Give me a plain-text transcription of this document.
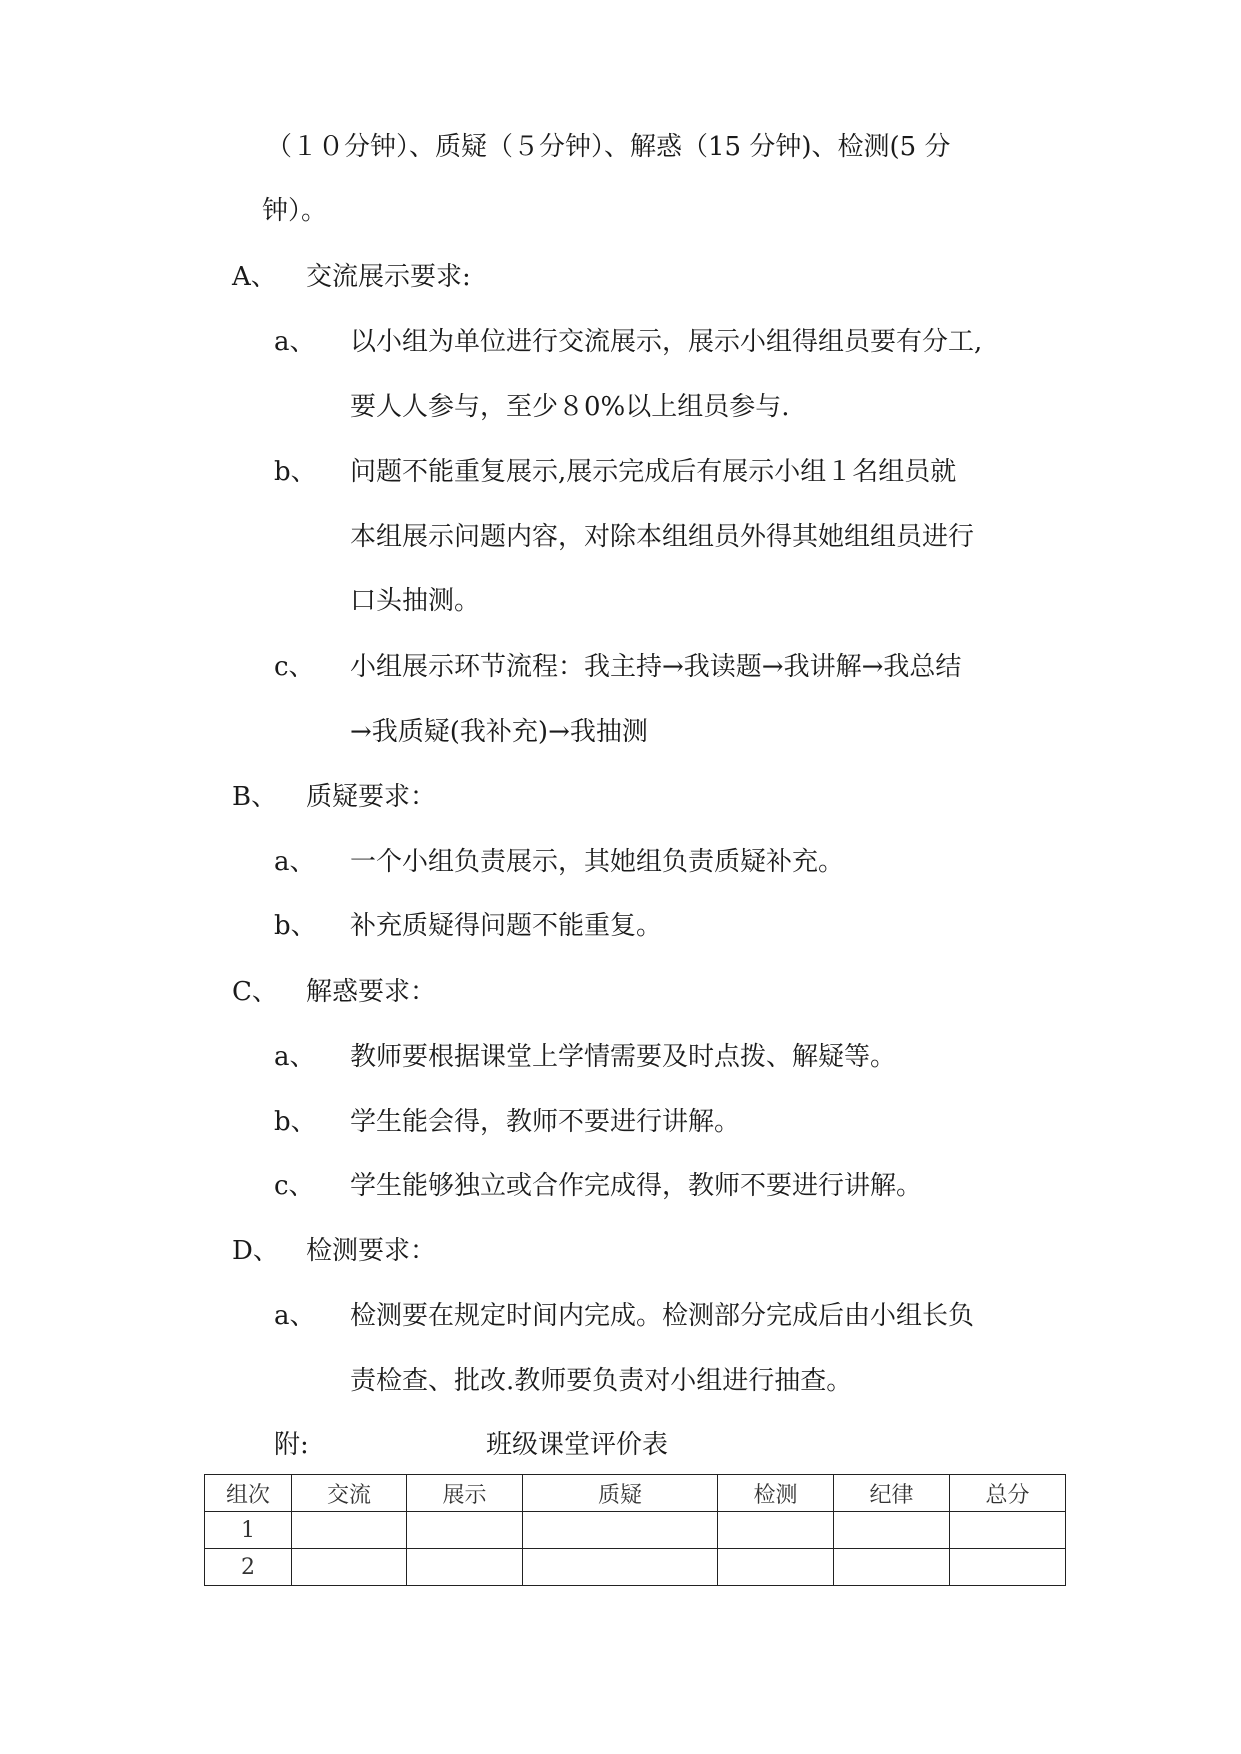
（１０分钟）、质疑（５分钟）、解惑（15 分钟)、检测(5 分
钟）。
A、 交流展示要求:
a、 以小组为单位进行交流展示，展示小组得组员要有分工,
要人人参与，至少８0%以上组员参与.
b、 问题不能重复展示,展示完成后有展示小组１名组员就
本组展示问题内容，对除本组组员外得其她组组员进行
口头抽测。
c、 小组展示环节流程：我主持→我读题→我讲解→我总结
→我质疑(我补充)→我抽测
B、 质疑要求：
a、 一个小组负责展示，其她组负责质疑补充。
b、 补充质疑得问题不能重复。
C、 解惑要求：
a、 教师要根据课堂上学情需要及时点拨、解疑等。
b、 学生能会得，教师不要进行讲解。
c、 学生能够独立或合作完成得，教师不要进行讲解。
D、 检测要求：
a、 检测要在规定时间内完成。检测部分完成后由小组长负
责检查、批改.教师要负责对小组进行抽查。
附:	班级课堂评价表
组次	交流	展示	质疑	检测	纪律	总分
1						
2						
